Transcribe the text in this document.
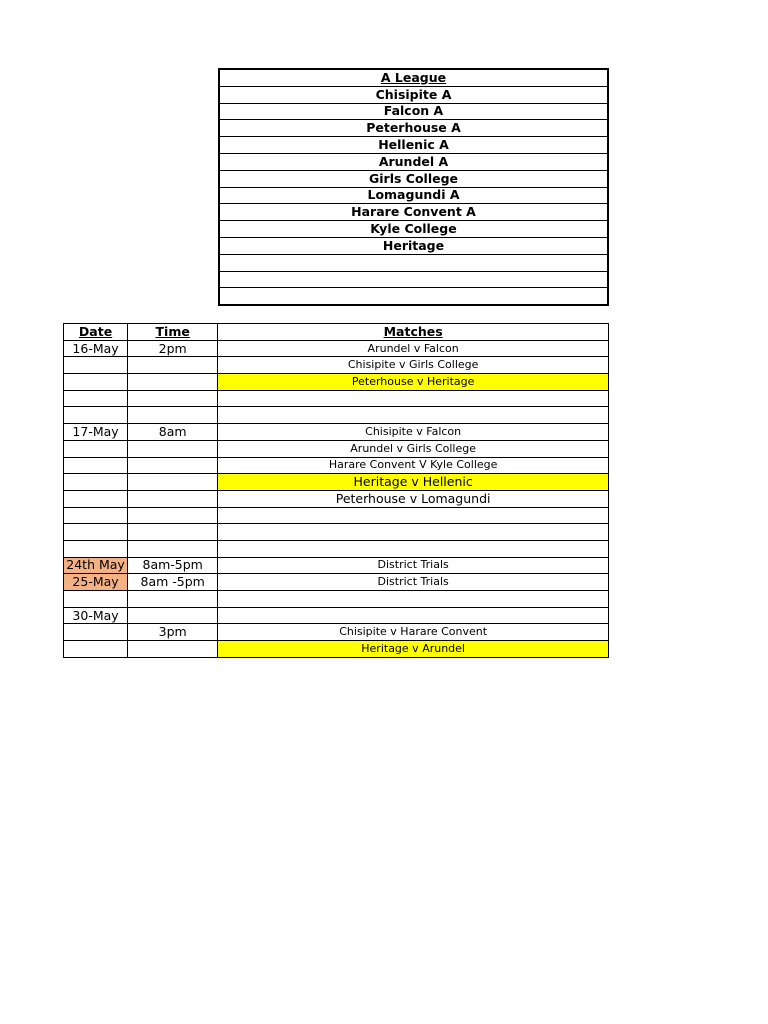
A League
Chisipite A
Falcon A
Peterhouse A
Hellenic A
Arundel A
Girls College
Lomagundi A
Harare Convent A
Kyle College
Heritage

Date	Time	Matches
16-May	2pm	Arundel v Falcon
		Chisipite v Girls College
		Peterhouse v Heritage

17-May	8am	Chisipite v Falcon
		Arundel v Girls College
		Harare Convent V Kyle College
		Heritage v Hellenic
		Peterhouse v Lomagundi

24th May	8am-5pm	District Trials
25-May	8am -5pm	District Trials

30-May		
	3pm	Chisipite v Harare Convent
		Heritage v Arundel
